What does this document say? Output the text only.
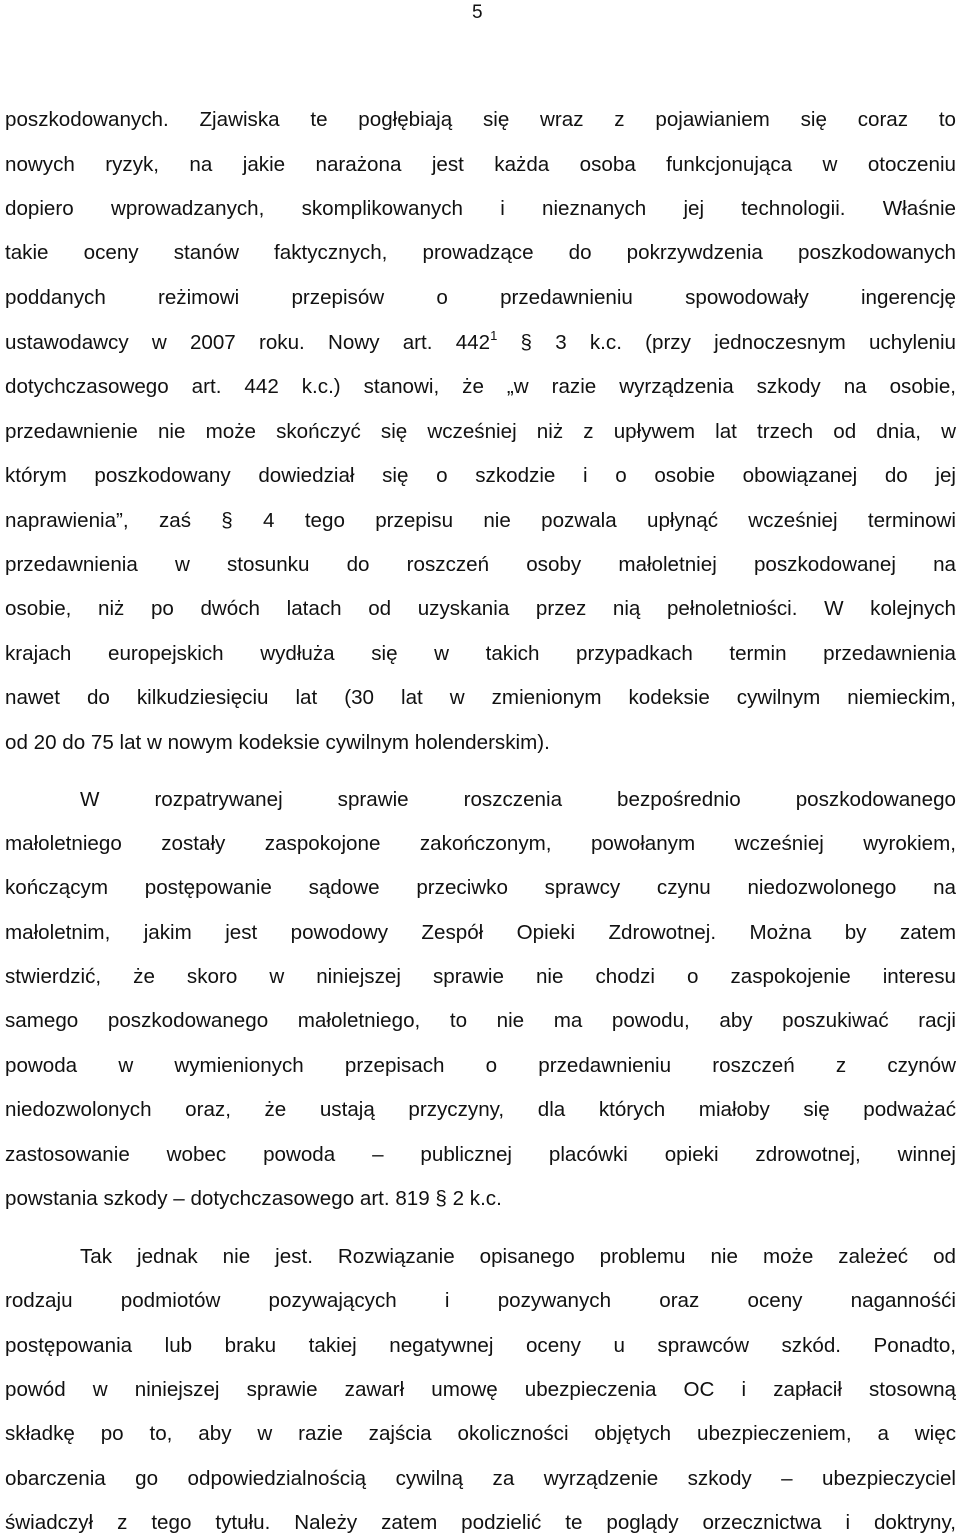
5
poszkodowanych. Zjawiska te pogłębiają się wraz z pojawianiem się coraz to
nowych ryzyk, na jakie narażona jest każda osoba funkcjonująca w otoczeniu
dopiero wprowadzanych, skomplikowanych i nieznanych jej technologii. Właśnie
takie oceny stanów faktycznych, prowadzące do pokrzywdzenia poszkodowanych
poddanych reżimowi przepisów o przedawnieniu spowodowały ingerencję
ustawodawcy w 2007 roku. Nowy art. $442^1$ § 3 k.c. (przy jednoczesnym uchyleniu
dotychczasowego art. 442 k.c.) stanowi, że „w razie wyrządzenia szkody na osobie,
przedawnienie nie może skończyć się wcześniej niż z upływem lat trzech od dnia, w
którym poszkodowany dowiedział się o szkodzie i o osobie obowiązanej do jej
naprawienia”, zaś § 4 tego przepisu nie pozwala upłynąć wcześniej terminowi
przedawnienia w stosunku do roszczeń osoby małoletniej poszkodowanej na
osobie, niż po dwóch latach od uzyskania przez nią pełnoletniości. W kolejnych
krajach europejskich wydłuża się w takich przypadkach termin przedawnienia
nawet do kilkudziesięciu lat (30 lat w zmienionym kodeksie cywilnym niemieckim,
od 20 do 75 lat w nowym kodeksie cywilnym holenderskim).
W rozpatrywanej sprawie roszczenia bezpośrednio poszkodowanego
małoletniego zostały zaspokojone zakończonym, powołanym wcześniej wyrokiem,
kończącym postępowanie sądowe przeciwko sprawcy czynu niedozwolonego na
małoletnim, jakim jest powodowy Zespół Opieki Zdrowotnej. Można by zatem
stwierdzić, że skoro w niniejszej sprawie nie chodzi o zaspokojenie interesu
samego poszkodowanego małoletniego, to nie ma powodu, aby poszukiwać racji
powoda w wymienionych przepisach o przedawnieniu roszczeń z czynów
niedozwolonych oraz, że ustają przyczyny, dla których miałoby się podważać
zastosowanie wobec powoda – publicznej placówki opieki zdrowotnej, winnej
powstania szkody – dotychczasowego art. 819 § 2 k.c.
Tak jednak nie jest. Rozwiązanie opisanego problemu nie może zależeć od
rodzaju podmiotów pozywających i pozywanych oraz oceny nagannośći
postępowania lub braku takiej negatywnej oceny u sprawców szkód. Ponadto,
powód w niniejszej sprawie zawarł umowę ubezpieczenia OC i zapłacił stosowną
składkę po to, aby w razie zajścia okoliczności objętych ubezpieczeniem, a więc
obarczenia go odpowiedzialnością cywilną za wyrządzenie szkody – ubezpieczyciel
świadczył z tego tytułu. Należy zatem podzielić te poglądy orzecznictwa i doktryny,
